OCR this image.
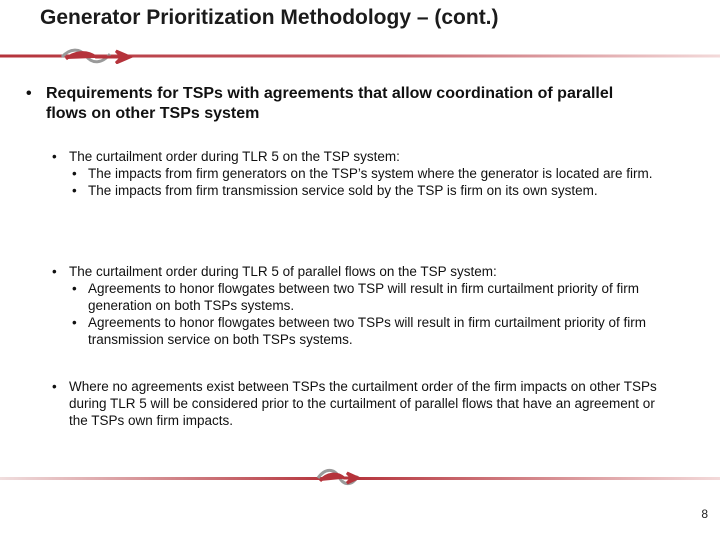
Generator Prioritization Methodology – (cont.)
• Requirements for TSPs with agreements that allow coordination of parallel flows on other TSPs system
• The curtailment order during TLR 5 on the TSP system:
• The impacts from firm generators on the TSP’s system where the generator is located are firm.
• The impacts from firm transmission service sold by the TSP is firm on its own system.
• The curtailment order during TLR 5 of parallel flows on the TSP system:
• Agreements to honor flowgates between two TSP will result in firm curtailment priority of firm generation on both TSPs systems.
• Agreements to honor flowgates between two TSPs will result in firm curtailment priority of firm transmission service on both TSPs systems.
• Where no agreements exist between TSPs the curtailment order of the firm impacts on other TSPs during TLR 5 will be considered prior to the curtailment of parallel flows that have an agreement or the TSPs own firm impacts.
8
